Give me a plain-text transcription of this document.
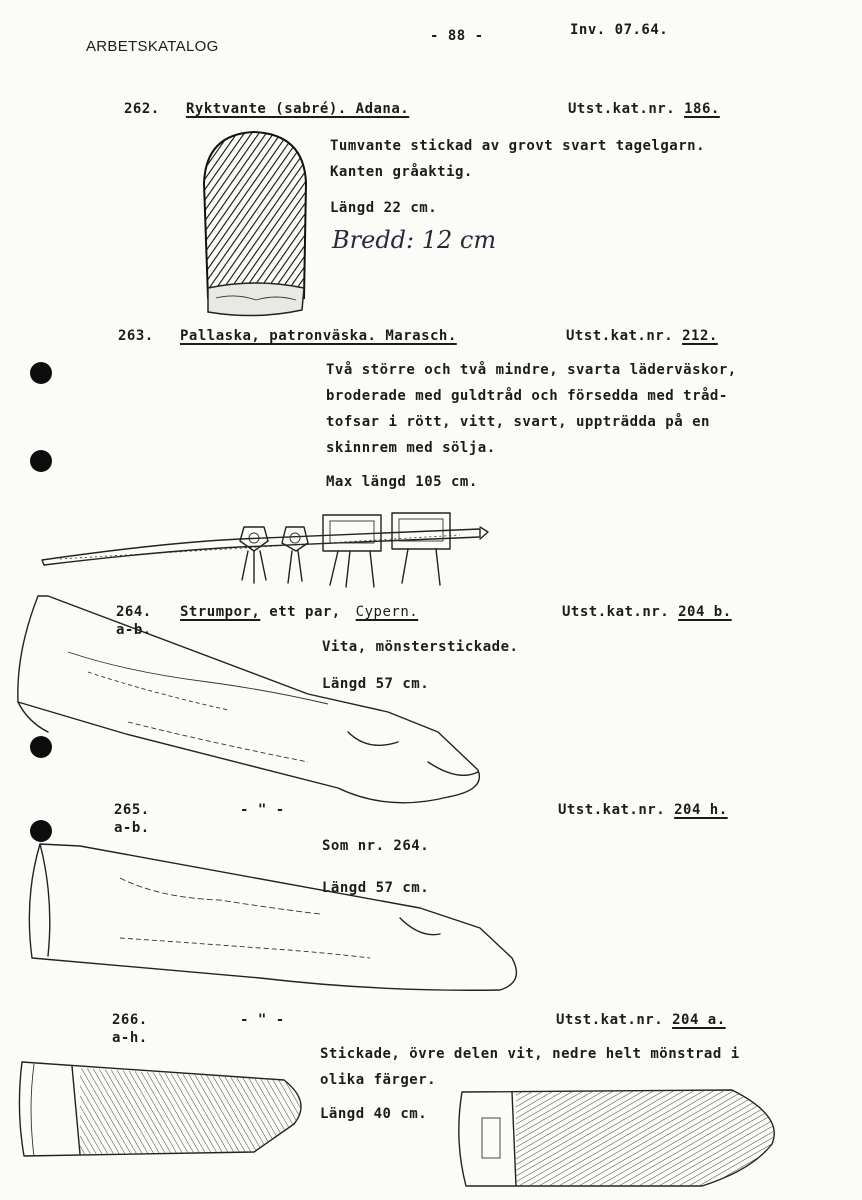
ARBETSKATALOG
- 88 -	Inv. 07.64.
262. Ryktvante (sabré). Adana.	Utst.kat.nr. 186.
Tumvante stickad av grovt svart tagelgarn.
Kanten gråaktig.
Längd 22 cm.
Bredd: 12 cm
263. Pallaska, patronväska. Marasch.	Utst.kat.nr. 212.
Två större och två mindre, svarta läderväskor,
broderade med guldtråd och försedda med tråd-
tofsar i rött, vitt, svart, uppträdda på en
skinnrem med sölja.
Max längd 105 cm.
264.
a-b.
Strumpor, ett par, Cypern.	Utst.kat.nr. 204 b.
Vita, mönsterstickade.
Längd 57 cm.
265.
a-b.
- " -	Utst.kat.nr. 204 h.
Som nr. 264.
Längd 57 cm.
266.
a-h.
- " -	Utst.kat.nr. 204 a.
Stickade, övre delen vit, nedre helt mönstrad i
olika färger.
Längd 40 cm.
